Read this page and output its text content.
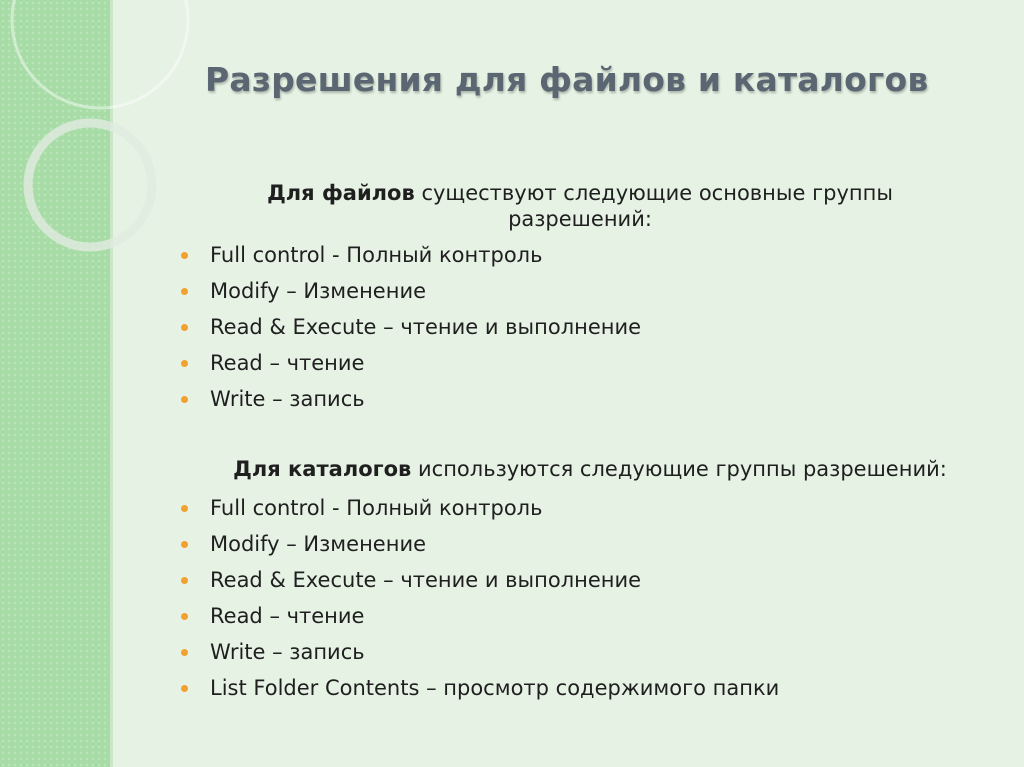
Разрешения для файлов и каталогов

Для файлов существуют следующие основные группы разрешений:

Full control - Полный контроль
Modify – Изменение
Read & Execute – чтение и выполнение
Read – чтение
Write – запись

Для каталогов используются следующие группы разрешений:

Full control - Полный контроль
Modify – Изменение
Read & Execute – чтение и выполнение
Read – чтение
Write – запись
List Folder Contents – просмотр содержимого папки
